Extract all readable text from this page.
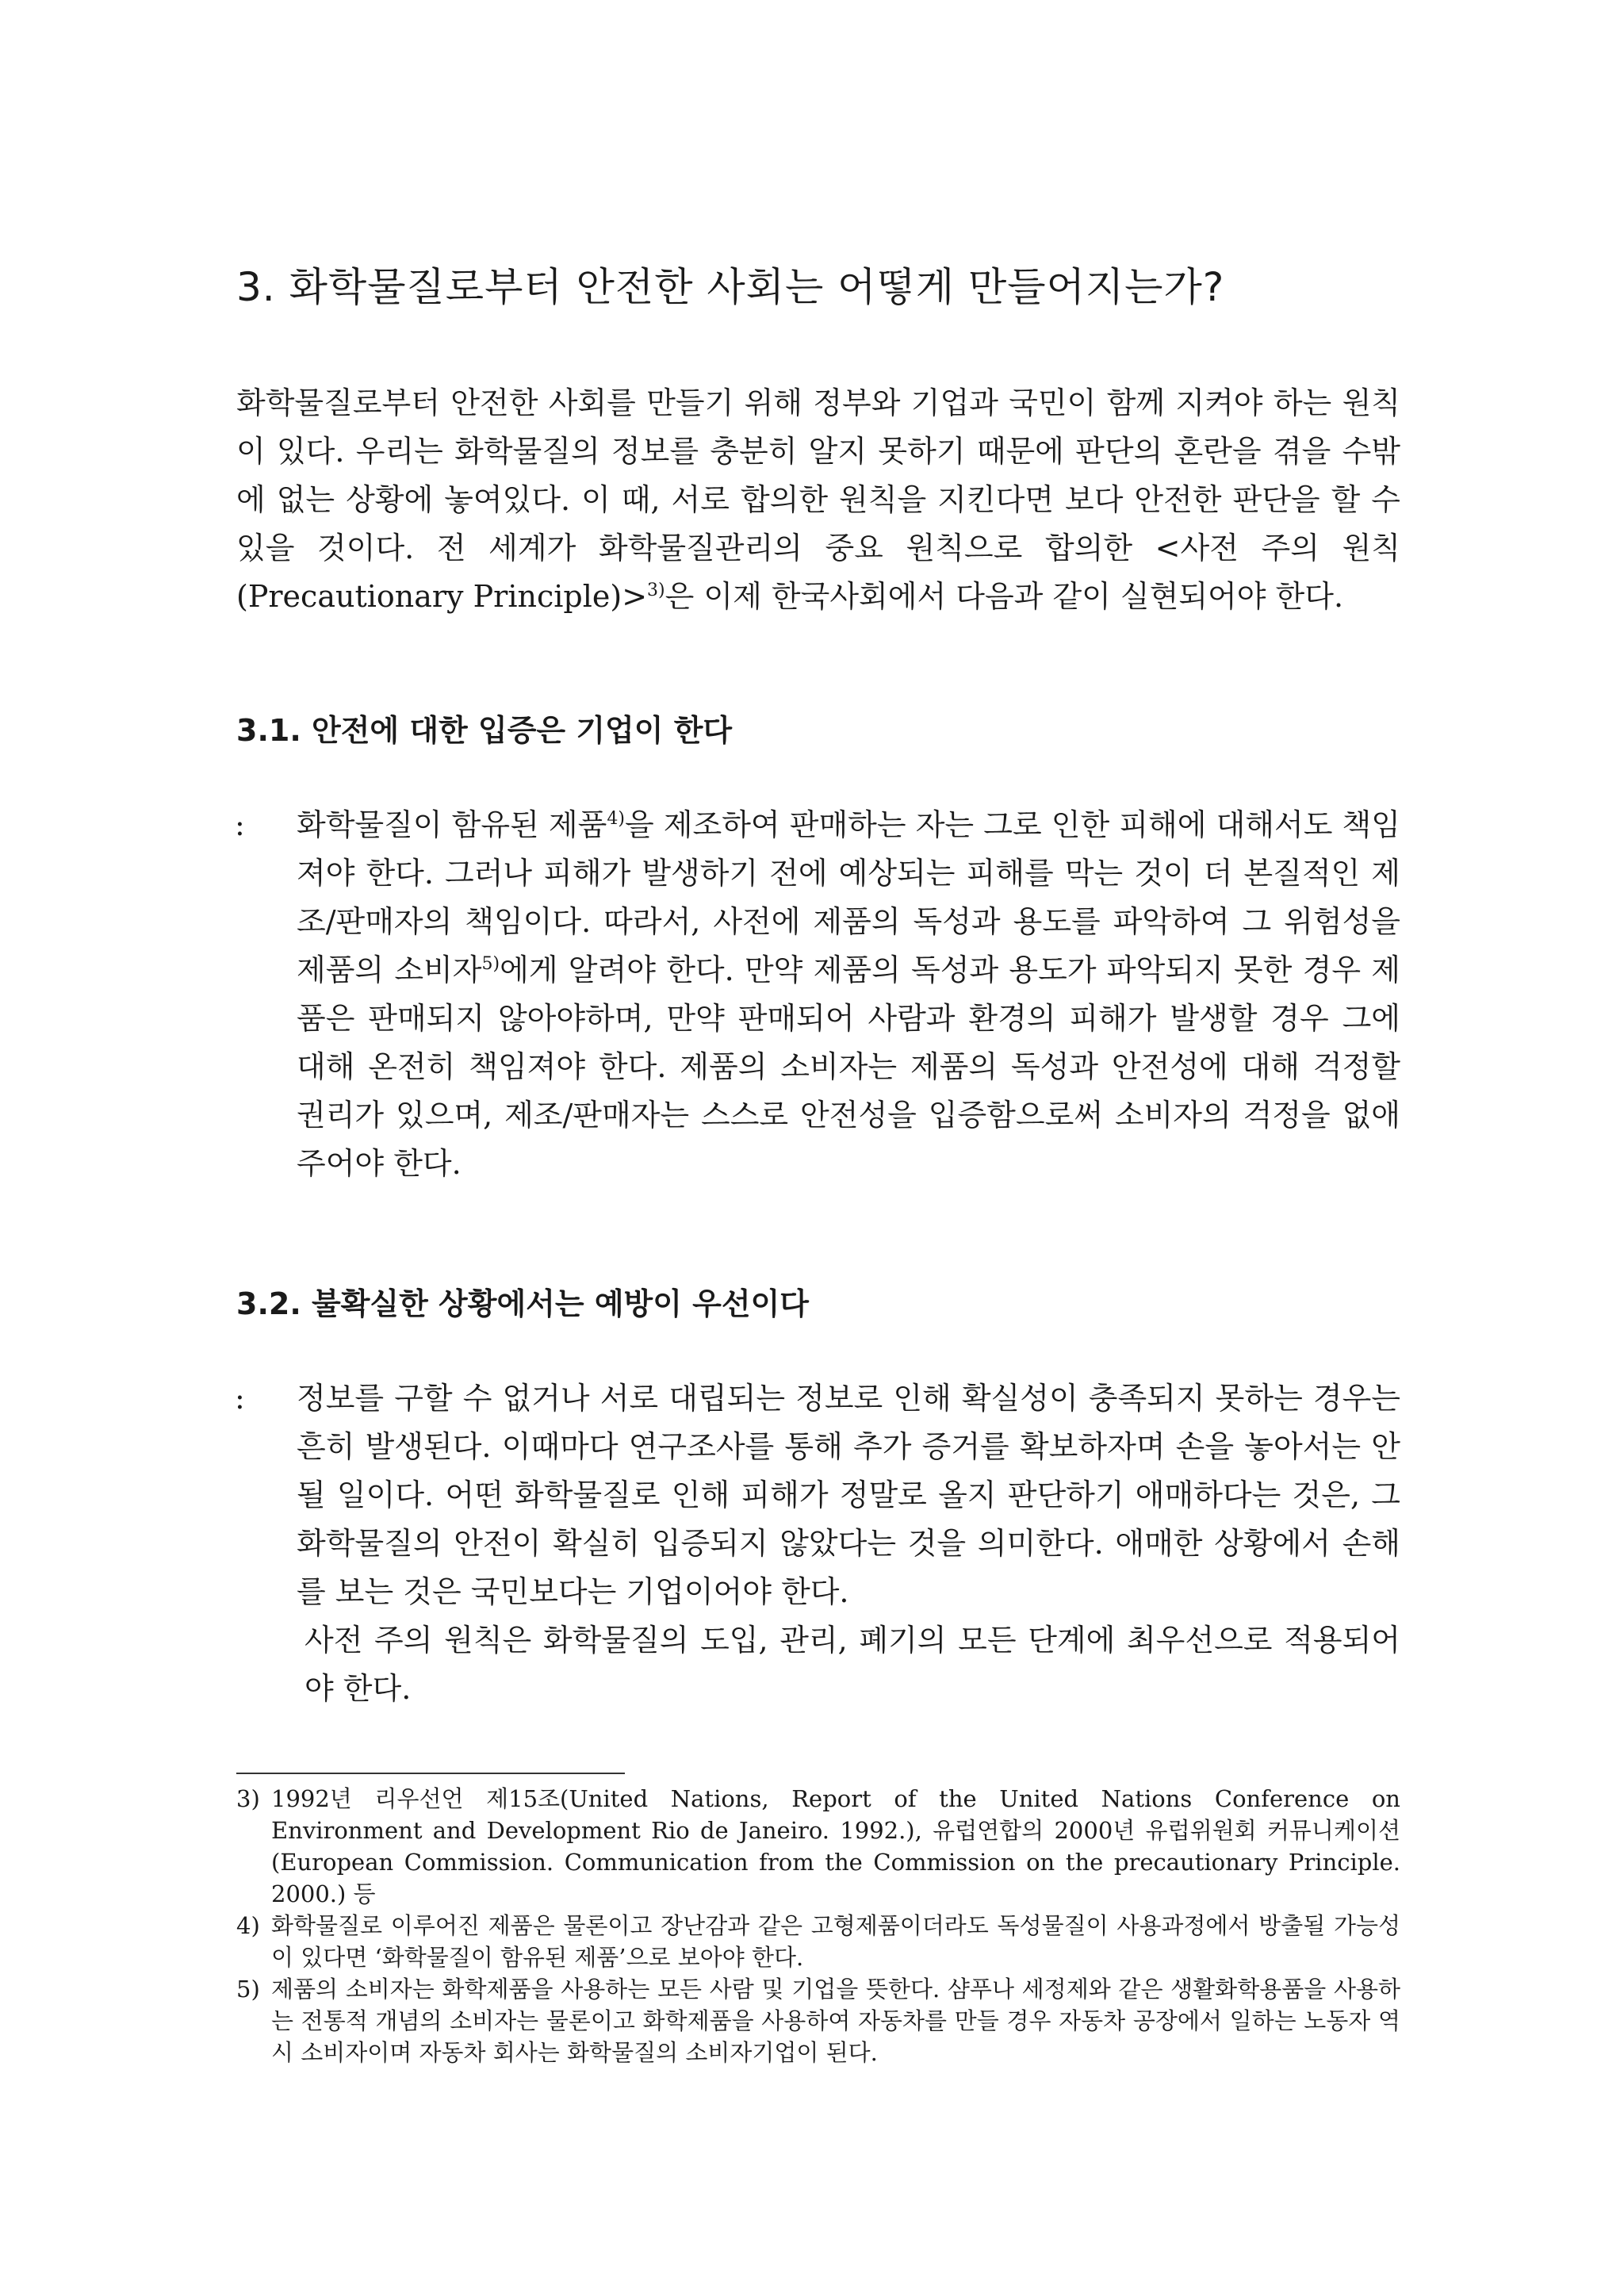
3. 화학물질로부터 안전한 사회는 어떻게 만들어지는가?

화학물질로부터 안전한 사회를 만들기 위해 정부와 기업과 국민이 함께 지켜야 하는 원칙이 있다. 우리는 화학물질의 정보를 충분히 알지 못하기 때문에 판단의 혼란을 겪을 수밖에 없는 상황에 놓여있다. 이 때, 서로 합의한 원칙을 지킨다면 보다 안전한 판단을 할 수 있을 것이다. 전 세계가 화학물질관리의 중요 원칙으로 합의한 <사전 주의 원칙(Precautionary Principle)>$^{3)}$은 이제 한국사회에서 다음과 같이 실현되어야 한다.

3.1. 안전에 대한 입증은 기업이 한다
:	화학물질이 함유된 제품$^{4)}$을 제조하여 판매하는 자는 그로 인한 피해에 대해서도 책임져야 한다. 그러나 피해가 발생하기 전에 예상되는 피해를 막는 것이 더 본질적인 제조/판매자의 책임이다. 따라서, 사전에 제품의 독성과 용도를 파악하여 그 위험성을 제품의 소비자$^{5)}$에게 알려야 한다. 만약 제품의 독성과 용도가 파악되지 못한 경우 제품은 판매되지 않아야하며, 만약 판매되어 사람과 환경의 피해가 발생할 경우 그에 대해 온전히 책임져야 한다. 제품의 소비자는 제품의 독성과 안전성에 대해 걱정할 권리가 있으며, 제조/판매자는 스스로 안전성을 입증함으로써 소비자의 걱정을 없애주어야 한다.
3.2. 불확실한 상황에서는 예방이 우선이다
:	정보를 구할 수 없거나 서로 대립되는 정보로 인해 확실성이 충족되지 못하는 경우는 흔히 발생된다. 이때마다 연구조사를 통해 추가 증거를 확보하자며 손을 놓아서는 안 될 일이다. 어떤 화학물질로 인해 피해가 정말로 올지 판단하기 애매하다는 것은, 그 화학물질의 안전이 확실히 입증되지 않았다는 것을 의미한다. 애매한 상황에서 손해를 보는 것은 국민보다는 기업이어야 한다.
사전 주의 원칙은 화학물질의 도입, 관리, 폐기의 모든 단계에 최우선으로 적용되어야 한다.
3) 1992년 리우선언 제15조(United Nations, Report of the United Nations Conference on Environment and Development Rio de Janeiro. 1992.), 유럽연합의 2000년 유럽위원회 커뮤니케이션(European Commission. Communication from the Commission on the precautionary Principle. 2000.) 등
4) 화학물질로 이루어진 제품은 물론이고 장난감과 같은 고형제품이더라도 독성물질이 사용과정에서 방출될 가능성이 있다면 ‘화학물질이 함유된 제품’으로 보아야 한다.
5) 제품의 소비자는 화학제품을 사용하는 모든 사람 및 기업을 뜻한다. 샴푸나 세정제와 같은 생활화학용품을 사용하는 전통적 개념의 소비자는 물론이고 화학제품을 사용하여 자동차를 만들 경우 자동차 공장에서 일하는 노동자 역시 소비자이며 자동차 회사는 화학물질의 소비자기업이 된다.
